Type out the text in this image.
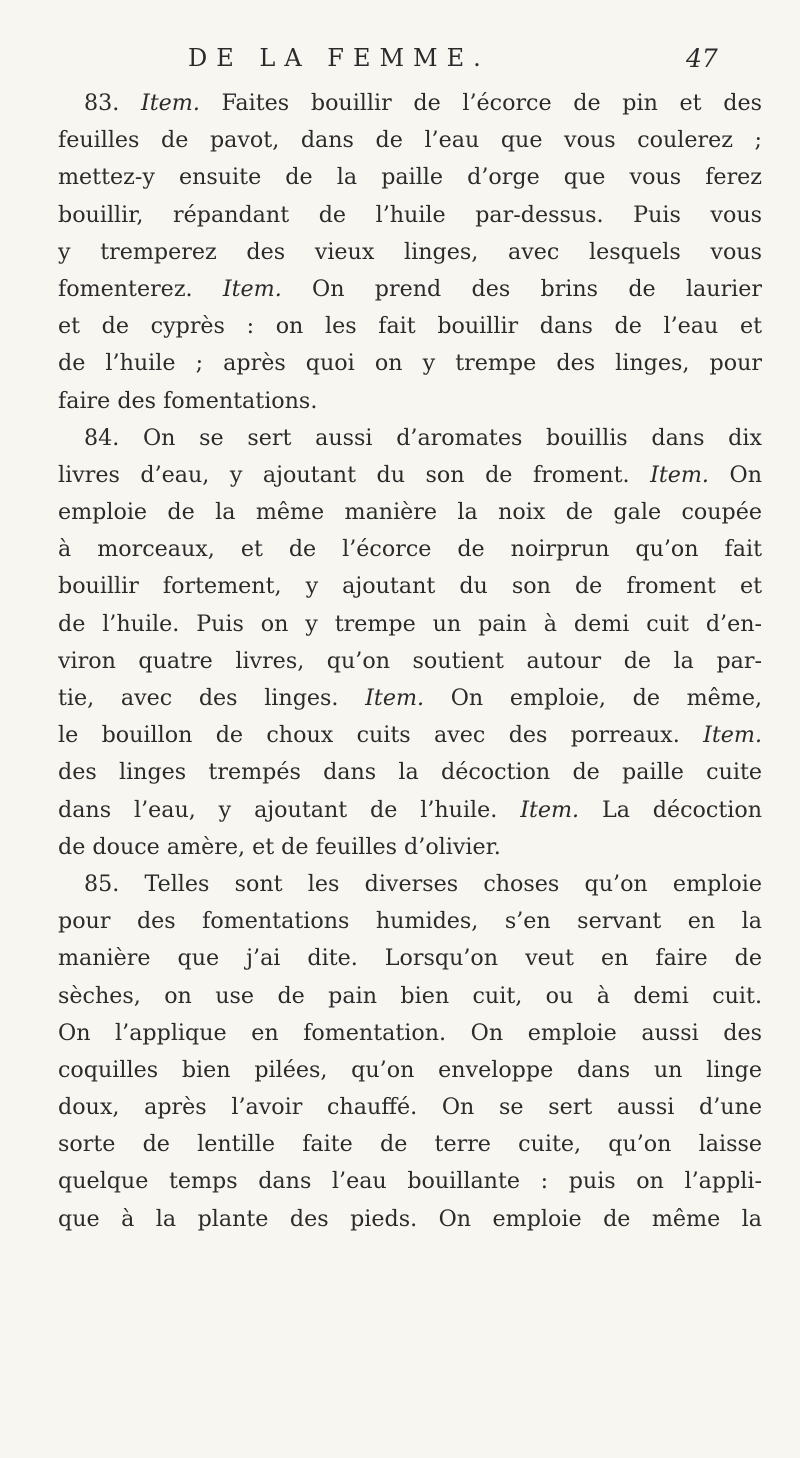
DE LA FEMME.	47
83. Item. Faites bouillir de l’écorce de pin et des
feuilles de pavot, dans de l’eau que vous coulerez ;
mettez-y ensuite de la paille d’orge que vous ferez
bouillir, répandant de l’huile par-dessus. Puis vous
y tremperez des vieux linges, avec lesquels vous
fomenterez. Item. On prend des brins de laurier
et de cyprès : on les fait bouillir dans de l’eau et
de l’huile ; après quoi on y trempe des linges, pour
faire des fomentations.
84. On se sert aussi d’aromates bouillis dans dix
livres d’eau, y ajoutant du son de froment. Item. On
emploie de la même manière la noix de gale coupée
à morceaux, et de l’écorce de noirprun qu’on fait
bouillir fortement, y ajoutant du son de froment et
de l’huile. Puis on y trempe un pain à demi cuit d’en-
viron quatre livres, qu’on soutient autour de la par-
tie, avec des linges. Item. On emploie, de même,
le bouillon de choux cuits avec des porreaux. Item.
des linges trempés dans la décoction de paille cuite
dans l’eau, y ajoutant de l’huile. Item. La décoction
de douce amère, et de feuilles d’olivier.
85. Telles sont les diverses choses qu’on emploie
pour des fomentations humides, s’en servant en la
manière que j’ai dite. Lorsqu’on veut en faire de
sèches, on use de pain bien cuit, ou à demi cuit.
On l’applique en fomentation. On emploie aussi des
coquilles bien pilées, qu’on enveloppe dans un linge
doux, après l’avoir chauffé. On se sert aussi d’une
sorte de lentille faite de terre cuite, qu’on laisse
quelque temps dans l’eau bouillante : puis on l’appli-
que à la plante des pieds. On emploie de même la
